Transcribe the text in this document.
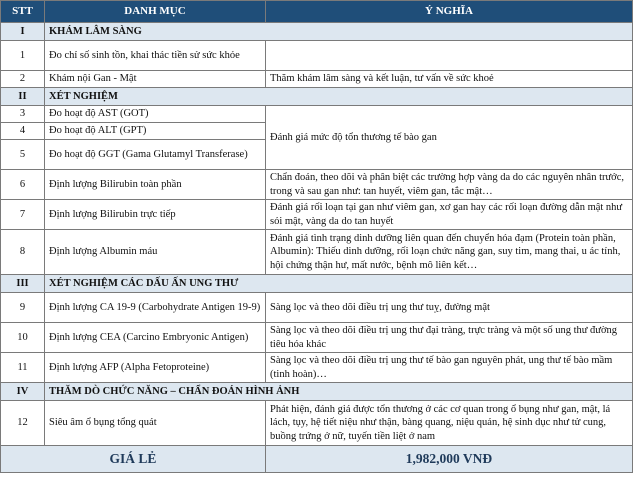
STT	DANH MỤC	Ý NGHĨA
I	KHÁM LÂM SÀNG	
1	Đo chỉ số sinh tồn, khai thác tiền sử sức khỏe	
2	Khám nội Gan - Mật	Thăm khám lâm sàng và kết luận, tư vấn về sức khoẻ
II	XÉT NGHIỆM	
3	Đo hoạt độ AST (GOT)	Đánh giá mức độ tổn thương tế bào gan
4	Đo hoạt độ ALT (GPT)	
5	Đo hoạt độ GGT (Gama Glutamyl Transferase)	
6	Định lượng Bilirubin toàn phần	Chẩn đoán, theo dõi và phân biệt các trường hợp vàng da do các nguyên nhân trước, trong và sau gan như: tan huyết, viêm gan, tắc mật…
7	Định lượng Bilirubin trực tiếp	Đánh giá rối loạn tại gan như viêm gan, xơ gan hay các rối loạn đường dẫn mật như sỏi mật, vàng da do tan huyết
8	Định lượng Albumin máu	Đánh giá tình trạng dinh dưỡng liên quan đến chuyển hóa đạm (Protein toàn phần, Albumin): Thiếu dinh dưỡng, rối loạn chức năng gan, suy tim, mang thai, u ác tính, hội chứng thận hư, mất nước, bệnh mô liên kết…
III	XÉT NGHIỆM CÁC DẤU ẤN UNG THƯ	
9	Định lượng CA 19-9 (Carbohydrate Antigen 19-9)	Sàng lọc và theo dõi điều trị ung thư tuỵ, đường mật
10	Định lượng CEA (Carcino Embryonic Antigen)	Sàng lọc và theo dõi điều trị ung thư đại tràng, trực tràng và một số ung thư đường tiêu hóa khác
11	Định lượng AFP (Alpha Fetoproteine)	Sàng lọc và theo dõi điều trị ung thư tế bào gan nguyên phát, ung thư tế bào mầm (tinh hoàn)…
IV	THĂM DÒ CHỨC NĂNG – CHẨN ĐOÁN HÌNH ẢNH	
12	Siêu âm ổ bụng tổng quát	Phát hiện, đánh giá được tổn thương ở các cơ quan trong ổ bụng như gan, mật, lá lách, tụy, hệ tiết niệu như thận, bàng quang, niệu quản, hệ sinh dục như tử cung, buồng trứng ở nữ, tuyến tiền liệt ở nam
GIÁ LẺ		1,982,000 VNĐ
